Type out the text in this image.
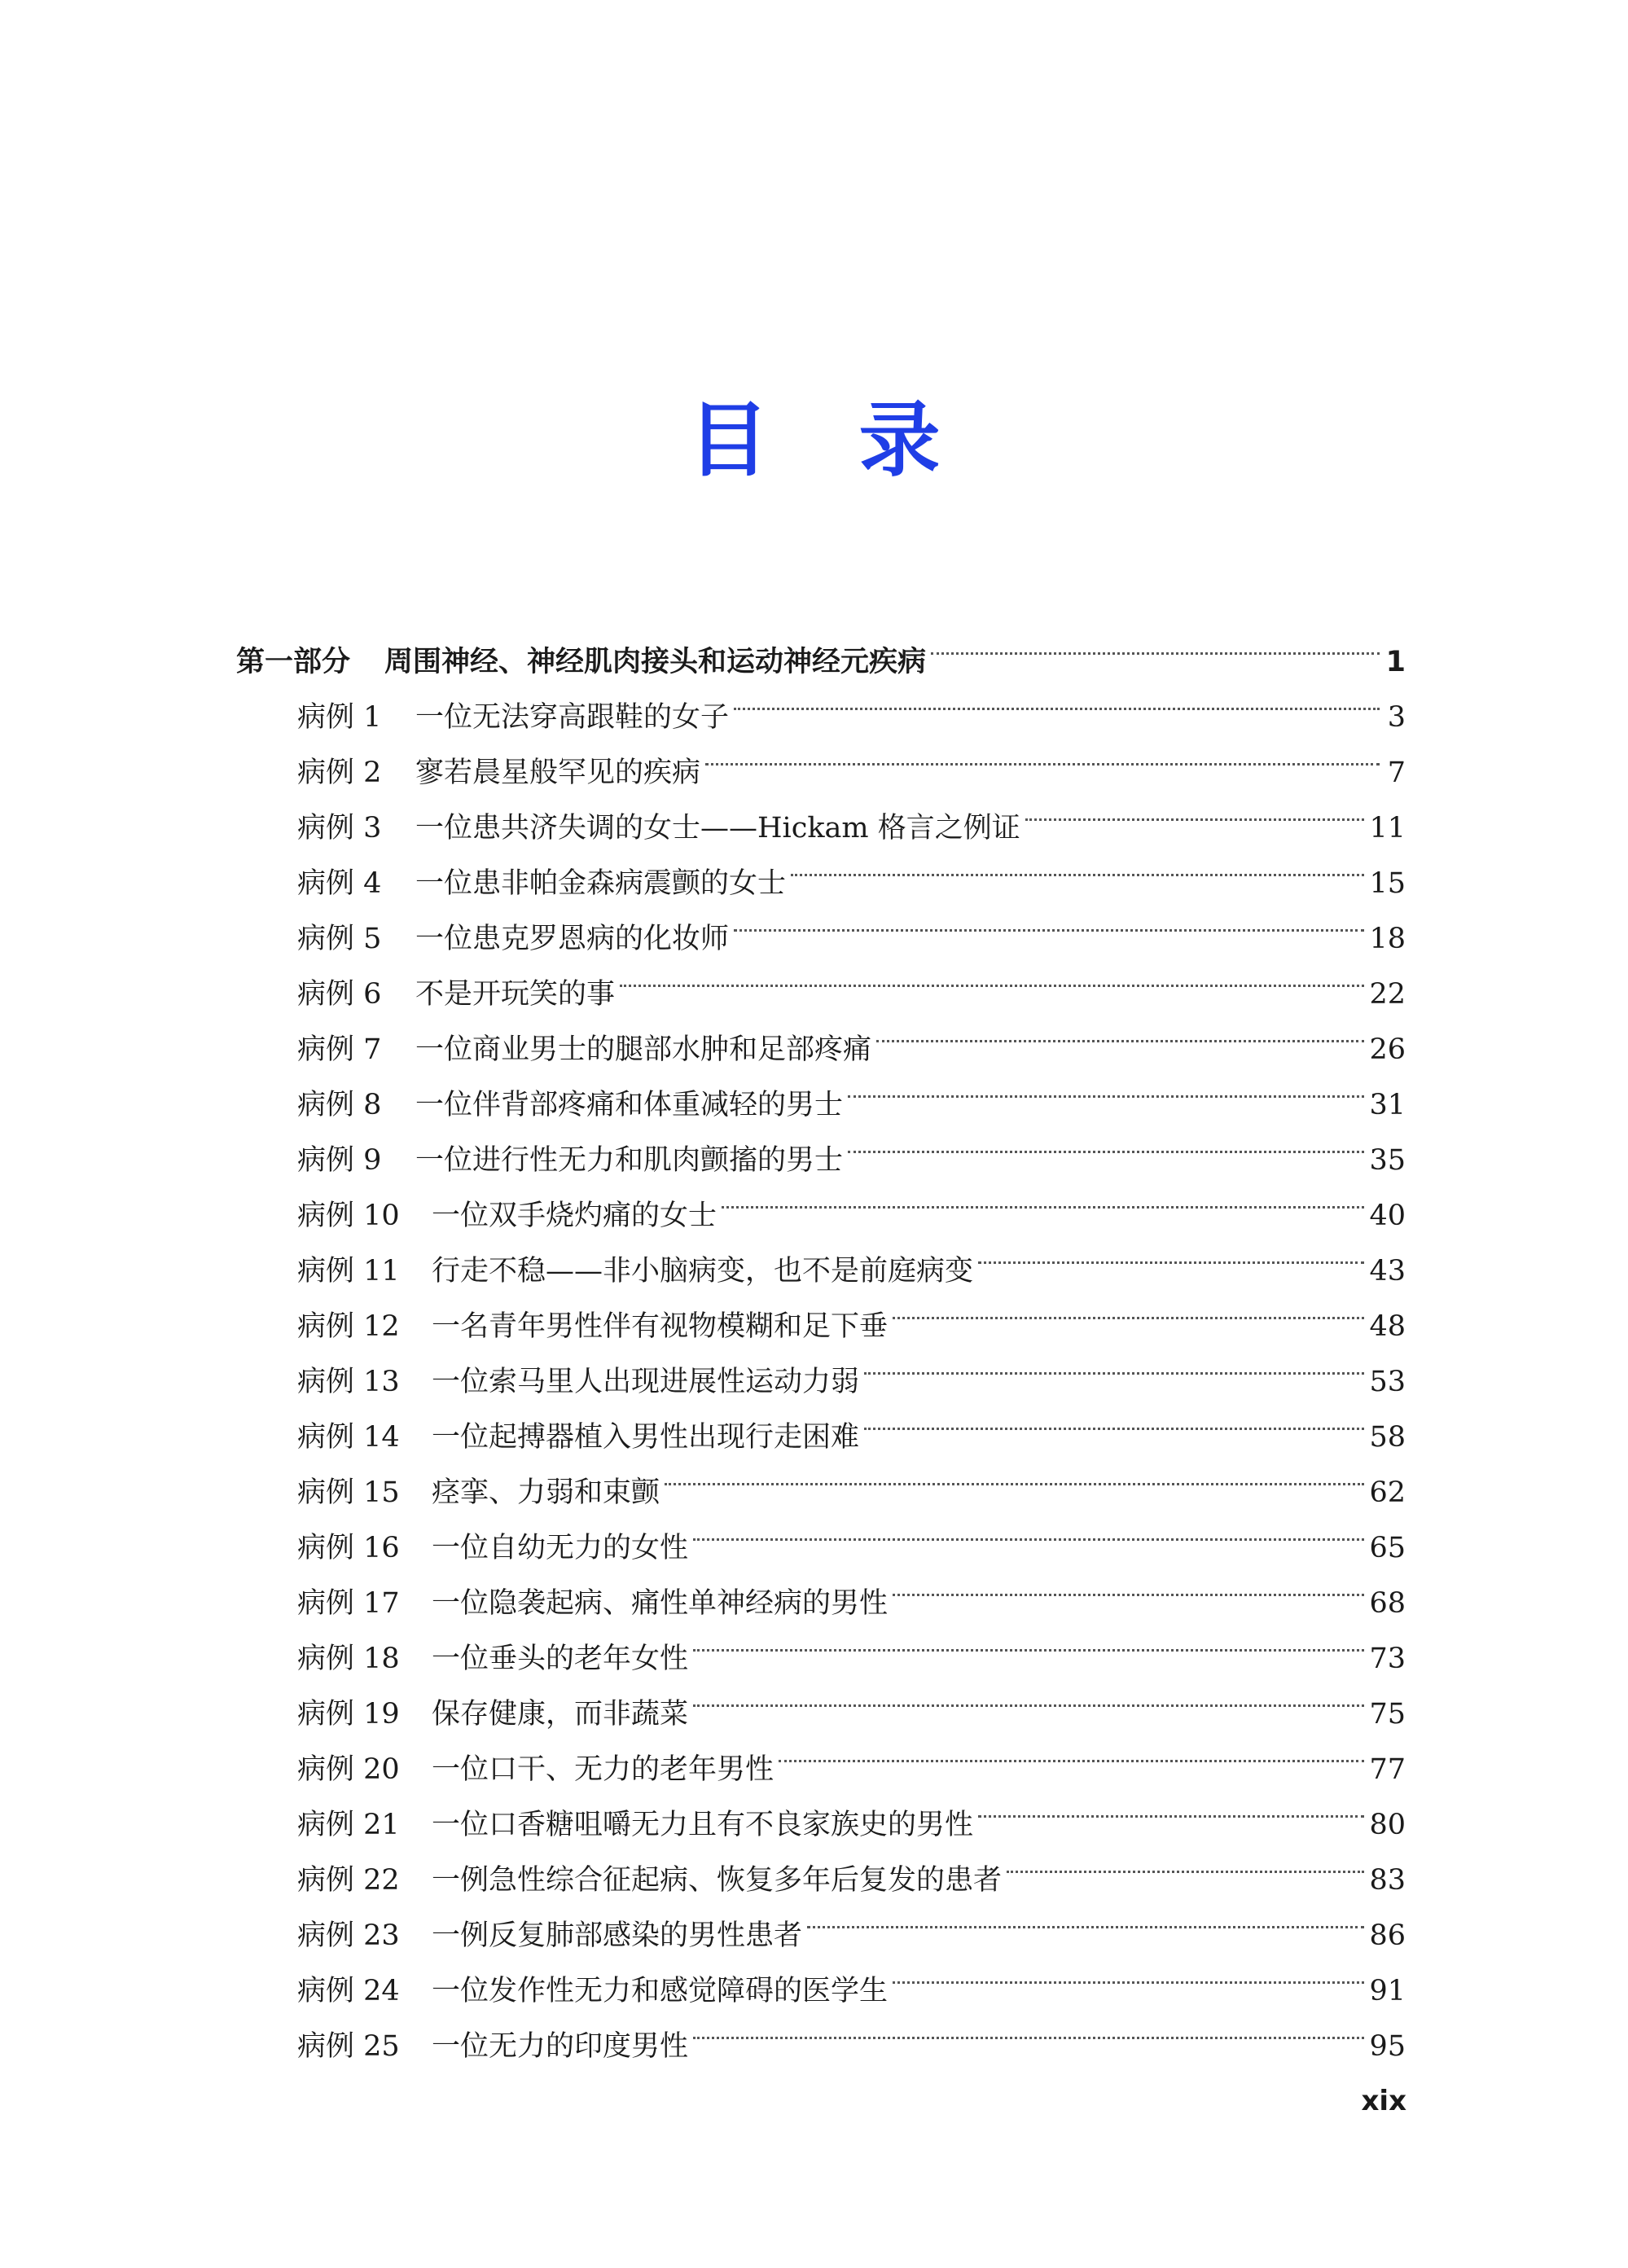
目 录
第一部分 周围神经、神经肌肉接头和运动神经元疾病	1
病例 1	一位无法穿高跟鞋的女子	3
病例 2	寥若晨星般罕见的疾病	7
病例 3	一位患共济失调的女士——Hickam 格言之例证	11
病例 4	一位患非帕金森病震颤的女士	15
病例 5	一位患克罗恩病的化妆师	18
病例 6	不是开玩笑的事	22
病例 7	一位商业男士的腿部水肿和足部疼痛	26
病例 8	一位伴背部疼痛和体重减轻的男士	31
病例 9	一位进行性无力和肌肉颤搐的男士	35
病例 10	一位双手烧灼痛的女士	40
病例 11	行走不稳——非小脑病变，也不是前庭病变	43
病例 12	一名青年男性伴有视物模糊和足下垂	48
病例 13	一位索马里人出现进展性运动力弱	53
病例 14	一位起搏器植入男性出现行走困难	58
病例 15	痉挛、力弱和束颤	62
病例 16	一位自幼无力的女性	65
病例 17	一位隐袭起病、痛性单神经病的男性	68
病例 18	一位垂头的老年女性	73
病例 19	保存健康，而非蔬菜	75
病例 20	一位口干、无力的老年男性	77
病例 21	一位口香糖咀嚼无力且有不良家族史的男性	80
病例 22	一例急性综合征起病、恢复多年后复发的患者	83
病例 23	一例反复肺部感染的男性患者	86
病例 24	一位发作性无力和感觉障碍的医学生	91
病例 25	一位无力的印度男性	95
xix
